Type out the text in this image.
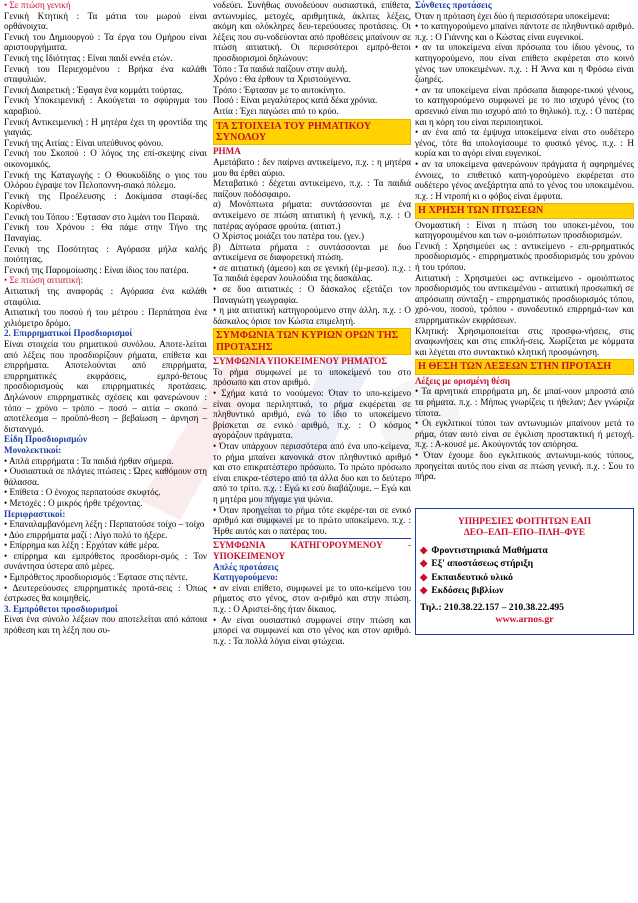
• Σε πτώση γενική

Γενική Κτητική : Τα μάτια του μωρού είναι ορθάνοιχτα.

Γενική του Δημιουργού : Τα έργα του Ομήρου είναι αριστουργήματα.

Γενική της Ιδιότητας : Είναι παιδί εννέα ετών.

Γενική του Περιεχομένου : Βρήκα ένα καλάθι σταφυλιών.

Γενική Διαιρετική : Έφαγα ένα κομμάτι τούρτας.

Γενική Υποκειμενική : Ακούγεται το σφύριγμα του καραβιού.

Γενική Αντικειμενική : Η μητέρα έχει τη φροντίδα της γιαγιάς.

Γενική της Αιτίας : Είναι υπεύθυνος φόνου.

Γενική του Σκοπού : Ο λόγος της επί-σκεψης είναι οικονομικός.

Γενική της Καταγωγής : Ο Θουκυδίδης ο γιος του Ολόρου έγραψε τον Πελοποννη-σιακό πόλεμο.

Γενική της Προέλευσης : Δοκίμασα σταφί-δες Κορίνθου.

Γενική του Τόπου : Έφτασαν στο λιμάνι του Πειραιά.

Γενική του Χρόνου : Θα πάμε στην Τήνο της Παναγίας.

Γενική της Ποσότητας : Αγόρασα μήλα καλής ποιότητας.

Γενική της Παρομοίωσης : Είναι ίδιος του πατέρα.

• Σε πτώση αιτιατική:

Αιτιατική της αναφοράς : Αγόρασα ένα καλάθι σταφύλια.

Αιτιατική του ποσού ή του μέτρου : Περπάτησα ένα χιλιόμετρο δρόμο.

2. Επιρρηματικοί Προσδιορισμοί

Είναι στοιχεία του ρηματικού συνόλου. Αποτε-λείται από λέξεις που προσδιορίζουν ρήματα, επίθετα και επιρρήματα. Αποτελούνται από επιρρήματα, επιρρηματικές εκφράσεις, εμπρό-θετους προσδιορισμούς και επιρρηματικές προτάσεις. Δηλώνουν επιρρηματικές σχέσεις και φανερώνουν : τόπο – χρόνο – τρόπο – ποσό – αιτία – σκοπό – αποτέλεσμα – προϋπό-θεση – βεβαίωση – άρνηση – διστανγμό.

Είδη Προσδιορισμών

Μονολεκτικοί:

• Απλά επιρρήματα : Τα παιδιά ήρθαν σήμερα.

• Ουσιαστικά σε πλάγιες πτώσεις : Ώρες καθόμουν στη θάλασσα.

• Επίθετα : Ο ένοχος περπατούσε σκυφτός.

• Μετοχές : Ο μικρός ήρθε τρέχοντας.

Περιφραστικοί:

• Επαναλαμβανόμενη λέξη : Περπατούσε τοίχο – τοίχο

• Δύο επιρρήματα μαζί : Λίγο πολύ το ήξερε.

• Επίρρημα και λέξη : Ερχόταν κάθε μέρα.

• επίρρημα και εμπρόθετος προσδιορι-σμός : Τον συνάντησα ύστερα από μέρες.

• Εμπρόθετος προσδιορισμός : Έφτασε στις πέντε.

• Δευτερεύουσες επιρρηματικές προτά-σεις : Όπως έστρωσες θα κοιμηθείς.

3. Εμπρόθετοι προσδιορισμοί

Είναι ένα σύνολο λέξεων που αποτελείται από κάποια πρόθεση και τη λέξη που συ-

νοδεύει. Συνήθως συνοδεύουν ουσιαστικά, επίθετα, αντωνυμίες, μετοχές, αριθμητικά, άκλιτες λέξεις, ακόμη και ολόκληρες δευ-τερεύουσες προτάσεις. Οι λέξεις που συ-νοδεύονται από προθέσεις μπαίνουν σε πτώση αιτιατική. Οι περισσότεροι εμπρό-θετοι προσδιορισμοί δηλώνουν:

Τόπο : Τα παιδιά παίζουν στην αυλή.

Χρόνο : Θα έρθουν τα Χριστούγεννα.

Τρόπο : Έφτασαν με το αυτοκίνητο.

Ποσό : Είναι μεγαλύτερος κατά δέκα χρόνια.

Αιτία : Έχει παγώσει από το κρύο.

ΤΑ ΣΤΟΙΧΕΙΑ ΤΟΥ ΡΗΜΑΤΙΚΟΥ ΣΥΝΟΛΟΥ

ΡΗΜΑ

Αμετάβατο : δεν παίρνει αντικείμενο, π.χ. : η μητέρα μου θα έρθει αύριο.

Μεταβατικό : δέχεται αντικείμενο, π.χ. : Τα παιδιά παίζουν ποδόσφαιρο.

α) Μονόπτωτα ρήματα: συντάσσονται με ένα αντικείμενο σε πτώση αιτιατική ή γενική, π.χ. : Ο πατέρας αγόρασε φρούτα. (αιτιατ.)

Ο Χρίστος μοιάζει του πατέρα του. (γεν.)

β) Δίπτωτα ρήματα : συντάσσονται με δυο αντικείμενα σε διαφορετική πτώση.

• σε αιτιατική (άμεσο) και σε γενική (έμ-μεσο). π.χ. : Τα παιδιά έφεραν λουλούδια της δασκάλας.

• σε δυο αιτιατικές : Ο δάσκαλος εξετάζει τον Παναγιώτη γεωγραφία.

• η μια αιτιατική κατηγορούμενο στην άλλη. π.χ. : Ο δάσκαλος όρισε τον Κώστα επιμελητή.

ΣΥΜΦΩΝΙΑ ΤΩΝ ΚΥΡΙΩΝ ΟΡΩΝ ΤΗΣ ΠΡΟΤΑΣΗΣ

ΣΥΜΦΩΝΙΑ ΥΠΟΚΕΙΜΕΝΟΥ ΡΗΜΑΤΟΣ

Το ρήμα συμφωνεί με το υποκείμενό του στο πρόσωπο και στον αριθμό.

• Σχήμα κατά το νοούμενο: Όταν το υπο-κείμενο είναι ονομα περιληπτικό, το ρήμα εκφέρεται σε πληθυντικό αριθμό, ενώ το ίδιο το υποκείμενο βρίσκεται σε ενικό αριθμό, π.χ. : Ο κόσμος αγοράζουν πράγματα.

• Όταν υπάρχουν περισσότερα από ένα υπο-κείμενα, το ρήμα μπαίνει κανονικά στον πληθυντικό αριθμό και στο επικρατέστερο πρόσωπο. Το πρώτο πρόσωπο είναι επικρα-τέστερο από τα άλλα δυο και το δεύτερο από το τρίτο. π.χ. : Εγώ κι εσύ διαβάζουμε. – Εγώ και η μητέρα μου πήγαμε για ψώνια.

• Όταν προηγείται το ρήμα τότε εκφέρε-ται σε ενικό αριθμό και συμφωνεί με το πρώτο υποκείμενο. π.χ. : Ήρθε αυτός και ο πατέρας του.

ΣΥΜΦΩΝΙΑ ΚΑΤΗΓΟΡΟΥΜΕΝΟΥ - ΥΠΟΚΕΙΜΕΝΟΥ

Απλές προτάσεις

Κατηγορούμενο:

• αν είναι επίθετο, συμφωνεί με το υπο-κείμενο του ρήματος στο γένος, στον α-ριθμό και στην πτώση. π.χ. : Ο Αριστεί-δης ήταν δίκαιος.

• Αν είναι ουσιαστικό συμφωνεί στην πτώση και μπορεί να συμφωνεί και στο γένος και στον αριθμό. π.χ. : Τα πολλά λόγια είναι φτώχεια.

Σύνθετες προτάσεις

Όταν η πρόταση έχει δύο ή περισσότερα υποκείμενα:

• το κατηγορούμενο μπαίνει πάντοτε σε πληθυντικό αριθμό. π.χ. : Ο Γιάννης και ο Κώστας είναι ευγενικοί.

• αν τα υποκείμενα είναι πρόσωπα του ίδιου γένους, το κατηγορούμενο, που είναι επίθετο εκφέρεται στο κοινό γένος των υποκειμένων. π.χ. : Η Άννα και η Φρόσω είναι ζωηρές.

• αν τα υποκείμενα είναι πρόσωπα διαφορε-τικού γένους, το κατηγορούμενο συμφωνεί με το πιο ισχυρό γένος (το αρσενικό είναι πιο ισχυρό από το θηλυκό). π.χ. : Ο πατέρας και η κόρη του είναι περιποιητικοί.

• αν ένα από τα έμψυχα υποκείμενα είναι στο ουδέτερο γένος, τότε θα υπολογίσουμε το φυσικό γένος. π.χ. : Η κυρία και το αγόρι είναι ευγενικοί.

• αν τα υποκείμενα φανερώνουν πράγματα ή αφηρημένες έννοιες, το επιθετικό κατη-γορούμενο εκφέρεται στο ουδέτερο γένος ανεξάρτητα από το γένος του υποκειμένου. π.χ. : Η ντροπή κι ο φόβος είναι έμφυτα.

Η ΧΡΗΣΗ ΤΩΝ ΠΤΩΣΕΩΝ

Ονομαστική : Είναι η πτώση του υποκει-μένου, του κατηγορουμένου και των ο-μοιόπτωτων προσδιορισμών.

Γενική : Χρησιμεύει ως : αντικείμενο - επι-ρρηματικός προσδιορισμός - επιρρηματικός προσδιορισμός του χρόνου ή του τρόπου.

Αιτιατική : Χρησιμεύει ως: αντικείμενο - ομοιόπτωτος προσδιορισμός του αντικειμένου - αιτιατική προσωπική σε απρόσωπη σύνταξη - επιρρηματικός προσδιορισμός τόπου, χρό-νου, ποσού, τρόπου - συνοδευτικό επιρρημά-των και επιρρηματικών εκφράσεων.

Κλητική: Χρησιμοποιείται στις προσφω-νήσεις, στις αναφωνήσεις και στις επικλή-σεις. Χωρίζεται με κόμματα και λέγεται στο συντακτικό κλητική προσφώνηση.

Η ΘΕΣΗ ΤΩΝ ΛΕΞΕΩΝ ΣΤΗΝ ΠΡΟΤΑΣΗ

Λέξεις με ορισμένη θέση

• Τα αρνητικά επιρρήματα μη, δε μπαί-νουν μπροστά από τα ρήματα. π.χ. : Μήπως γνωρίζεις τι ήθελαν; Δεν γνώριζα τίποτα.

• Οι εγκλιτικοί τύποι των αντωνυμιών μπαίνουν μετά το ρήμα, όταν αυτό είναι σε έγκλιση προστακτική ή μετοχή. π.χ. : Α-κουσέ με. Ακούγοντάς τον απόρησα.

• Όταν έχουμε δυο εγκλιτικούς αντωνυμι-κούς τύπους, προηγείται αυτός που είναι σε πτώση γενική. π.χ. : Σου το πήρα.

ΥΠΗΡΕΣΙΕΣ ΦΟΙΤΗΤΩΝ ΕΑΠ
ΔΕΟ–ΕΛΠ–ΕΠΟ–ΠΛΗ–ΦΥΕ
◆ Φροντιστηριακά Μαθήματα
◆ Εξ' αποστάσεως στήριξη
◆ Εκπαιδευτικό υλικό
◆ Εκδόσεις βιβλίων
Τηλ.: 210.38.22.157 – 210.38.22.495
www.arnos.gr
